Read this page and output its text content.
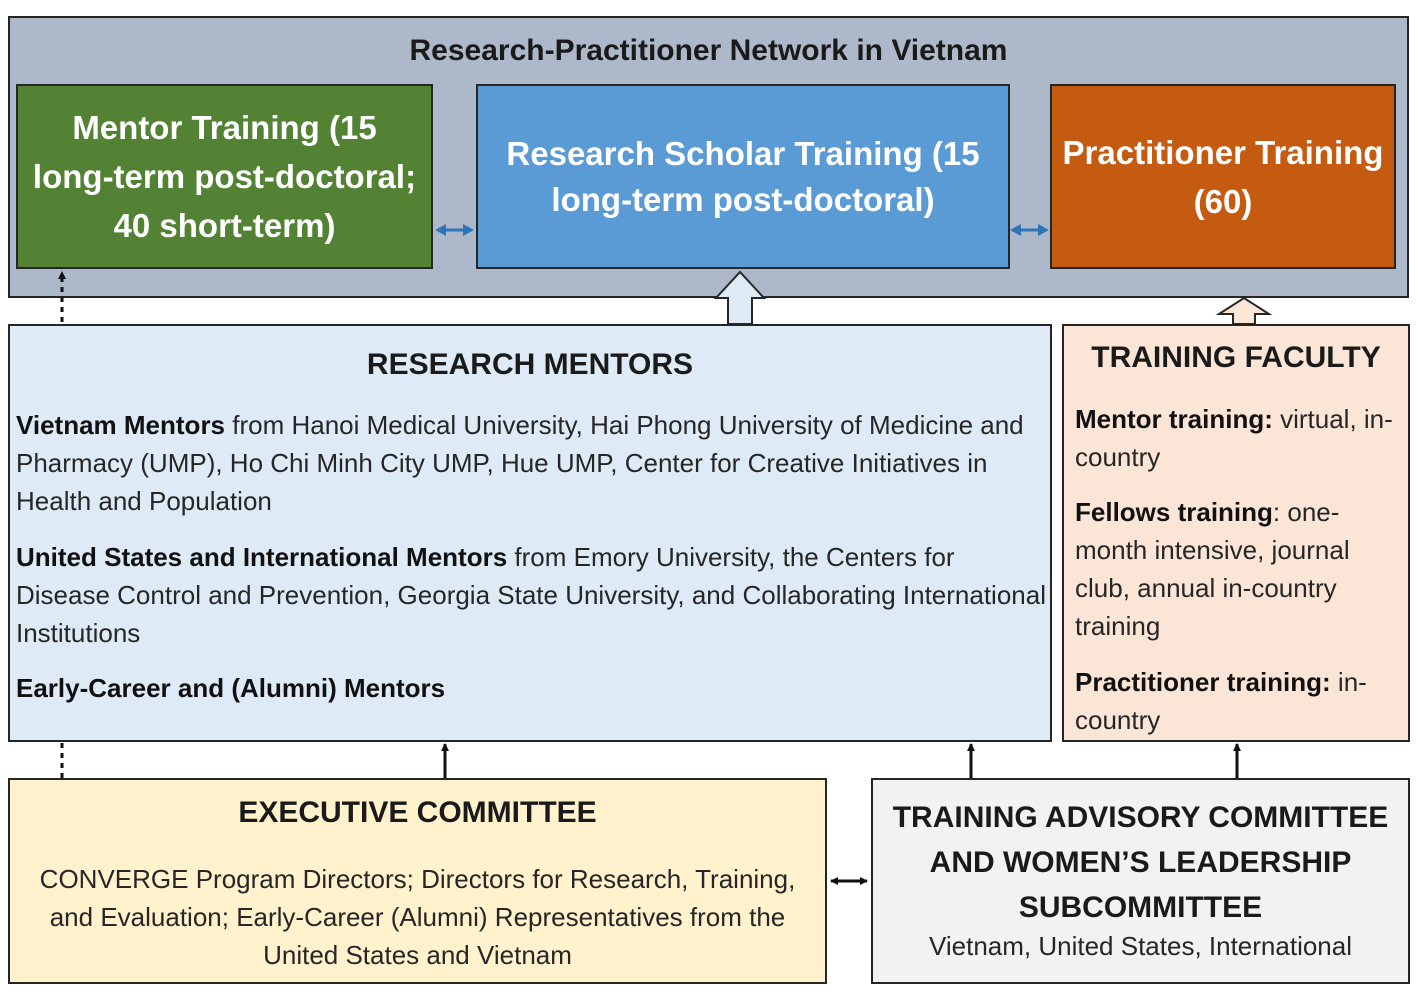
Research-Practitioner Network in Vietnam
Mentor Training (15 long-term post-doctoral; 40 short-term)
Research Scholar Training (15 long-term post-doctoral)
Practitioner Training (60)
RESEARCH MENTORS
Vietnam Mentors from Hanoi Medical University, Hai Phong University of Medicine and Pharmacy (UMP), Ho Chi Minh City UMP, Hue UMP, Center for Creative Initiatives in Health and Population
United States and International Mentors from Emory University, the Centers for Disease Control and Prevention, Georgia State University, and Collaborating International Institutions
Early-Career and (Alumni) Mentors
TRAINING FACULTY
Mentor training: virtual, in-country
Fellows training: one-month intensive, journal club, annual in-country training
Practitioner training: in-country
EXECUTIVE COMMITTEE
CONVERGE Program Directors; Directors for Research, Training, and Evaluation; Early-Career (Alumni) Representatives from the United States and Vietnam
TRAINING ADVISORY COMMITTEE AND WOMEN’S LEADERSHIP SUBCOMMITTEE
Vietnam, United States, International
